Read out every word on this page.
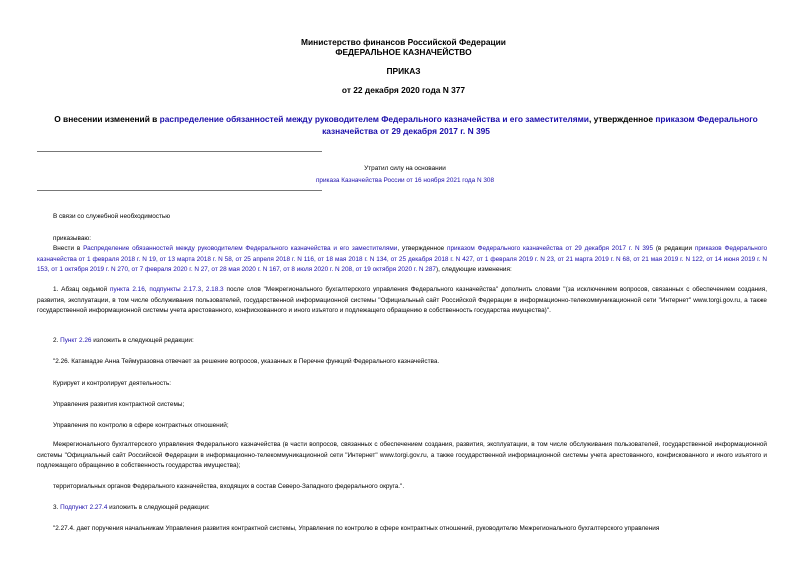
Министерство финансов Российской Федерации
ФЕДЕРАЛЬНОЕ КАЗНАЧЕЙСТВО
ПРИКАЗ
от 22 декабря 2020 года N 377
О внесении изменений в распределение обязанностей между руководителем Федерального казначейства и его заместителями, утвержденное приказом Федерального казначейства от 29 декабря 2017 г. N 395
Утратил силу на основании
приказа Казначейства России от 16 ноября 2021 года N 308
В связи со служебной необходимостью
приказываю:
Внести в Распределение обязанностей между руководителем Федерального казначейства и его заместителями, утвержденное приказом Федерального казначейства от 29 декабря 2017 г. N 395 (в редакции приказов Федерального казначейства от 1 февраля 2018 г. N 19, от 13 марта 2018 г. N 58, от 25 апреля 2018 г. N 116, от 18 мая 2018 г. N 134, от 25 декабря 2018 г. N 427, от 1 февраля 2019 г. N 23, от 21 марта 2019 г. N 68, от 21 мая 2019 г. N 122, от 14 июня 2019 г. N 153, от 1 октября 2019 г. N 270, от 7 февраля 2020 г. N 27, от 28 мая 2020 г. N 167, от 8 июля 2020 г. N 208, от 19 октября 2020 г. N 287), следующие изменения:
1. Абзац седьмой пункта 2.16, подпункты 2.17.3, 2.18.3 после слов "Межрегионального бухгалтерского управления Федерального казначейства" дополнить словами "(за исключением вопросов, связанных с обеспечением создания, развития, эксплуатации, в том числе обслуживания пользователей, государственной информационной системы "Официальный сайт Российской Федерации в информационно-телекоммуникационной сети "Интернет" www.torgi.gov.ru, а также государственной информационной системы учета арестованного, конфискованного и иного изъятого и подлежащего обращению в собственность государства имущества)".
2. Пункт 2.26 изложить в следующей редакции:
"2.26. Катамадзе Анна Теймуразовна отвечает за решение вопросов, указанных в Перечне функций Федерального казначейства.
Курирует и контролирует деятельность:
Управления развития контрактной системы;
Управления по контролю в сфере контрактных отношений;
Межрегионального бухгалтерского управления Федерального казначейства (в части вопросов, связанных с обеспечением создания, развития, эксплуатации, в том числе обслуживания пользователей, государственной информационной системы "Официальный сайт Российской Федерации в информационно-телекоммуникационной сети "Интернет" www.torgi.gov.ru, а также государственной информационной системы учета арестованного, конфискованного и иного изъятого и подлежащего обращению в собственность государства имущества);
территориальных органов Федерального казначейства, входящих в состав Северо-Западного федерального округа.".
3. Подпункт 2.27.4 изложить в следующей редакции:
"2.27.4. дает поручения начальникам Управления развития контрактной системы, Управления по контролю в сфере контрактных отношений, руководителю Межрегионального бухгалтерского управления
